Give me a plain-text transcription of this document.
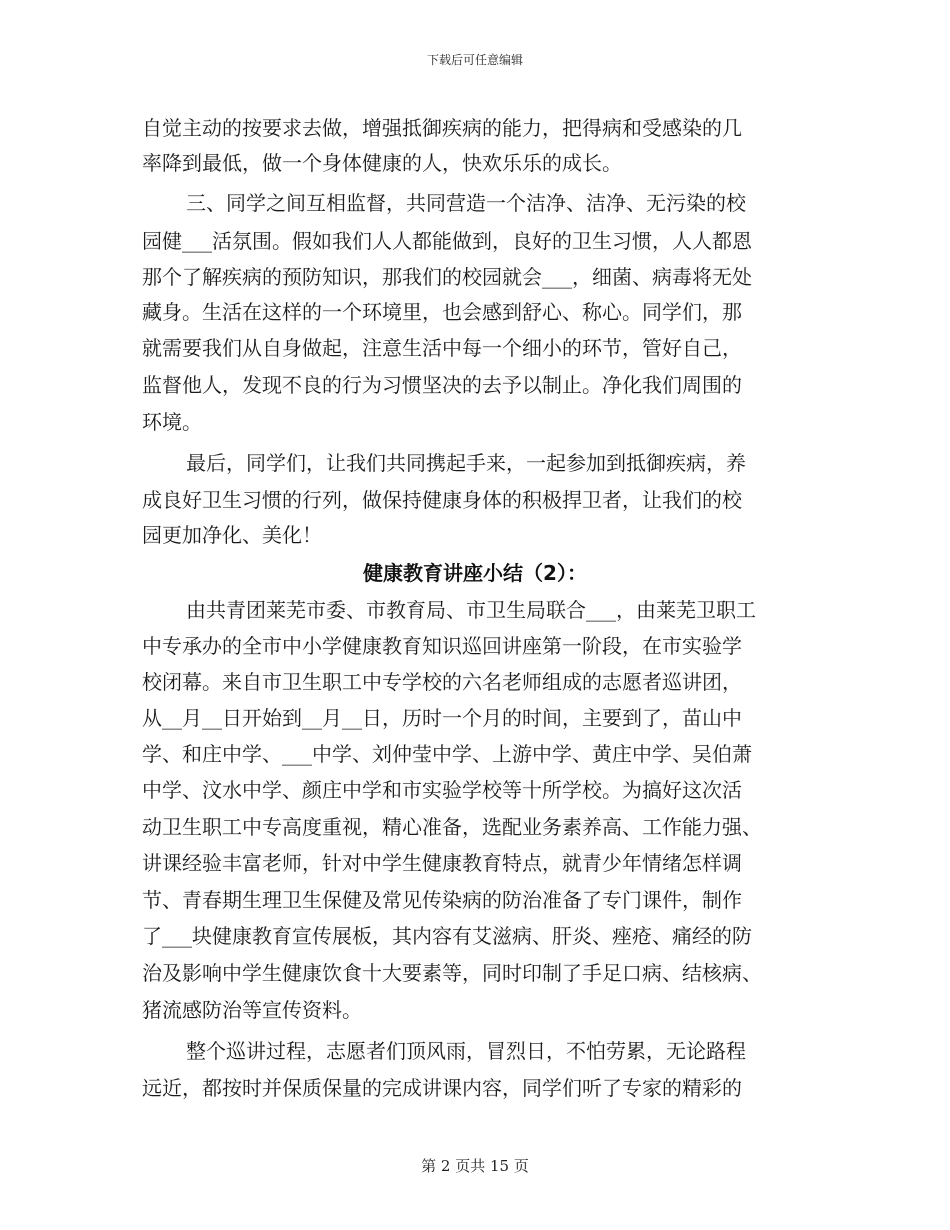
下载后可任意编辑
自觉主动的按要求去做，增强抵御疾病的能力，把得病和受感染的几
率降到最低，做一个身体健康的人，快欢乐乐的成长。
三、同学之间互相监督，共同营造一个洁净、洁净、无污染的校
园健___活氛围。假如我们人人都能做到，良好的卫生习惯，人人都恩
那个了解疾病的预防知识，那我们的校园就会___，细菌、病毒将无处
藏身。生活在这样的一个环境里，也会感到舒心、称心。同学们，那
就需要我们从自身做起，注意生活中每一个细小的环节，管好自己，
监督他人，发现不良的行为习惯坚决的去予以制止。净化我们周围的
环境。
最后，同学们，让我们共同携起手来，一起参加到抵御疾病，养
成良好卫生习惯的行列，做保持健康身体的积极捍卫者，让我们的校
园更加净化、美化！
健康教育讲座小结（2）：
由共青团莱芜市委、市教育局、市卫生局联合___，由莱芜卫职工
中专承办的全市中小学健康教育知识巡回讲座第一阶段，在市实验学
校闭幕。来自市卫生职工中专学校的六名老师组成的志愿者巡讲团，
从__月__日开始到__月__日，历时一个月的时间，主要到了，苗山中
学、和庄中学、___中学、刘仲莹中学、上游中学、黄庄中学、吴伯萧
中学、汶水中学、颜庄中学和市实验学校等十所学校。为搞好这次活
动卫生职工中专高度重视，精心准备，选配业务素养高、工作能力强、
讲课经验丰富老师，针对中学生健康教育特点，就青少年情绪怎样调
节、青春期生理卫生保健及常见传染病的防治准备了专门课件，制作
了___块健康教育宣传展板，其内容有艾滋病、肝炎、痤疮、痛经的防
治及影响中学生健康饮食十大要素等，同时印制了手足口病、结核病、
猪流感防治等宣传资料。
整个巡讲过程，志愿者们顶风雨，冒烈日，不怕劳累，无论路程
远近，都按时并保质保量的完成讲课内容，同学们听了专家的精彩的
第 2 页共 15 页
